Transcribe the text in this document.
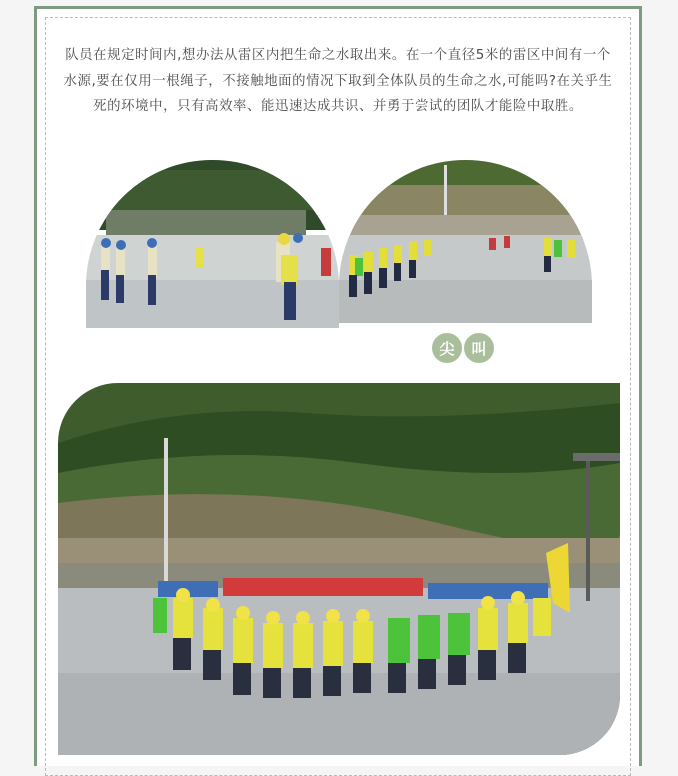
队员在规定时间内,想办法从雷区内把生命之水取出来。在一个直径5米的雷区中间有一个水源,要在仅用一根绳子，不接触地面的情况下取到全体队员的生命之水,可能吗?在关乎生死的环境中，只有高效率、能迅速达成共识、并勇于尝试的团队才能险中取胜。

尖	叫
